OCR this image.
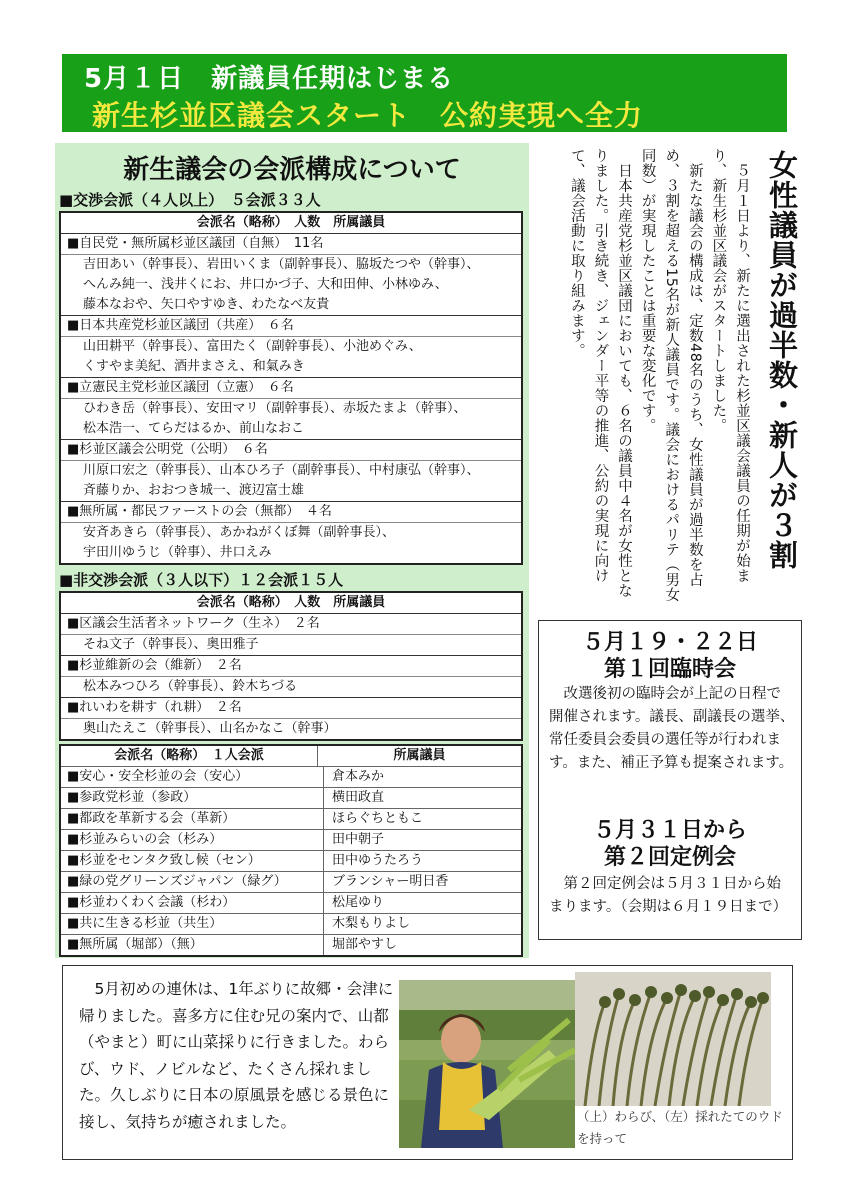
5月１日　新議員任期はじまる
新生杉並区議会スタート　公約実現へ全力
新生議会の会派構成について
■交渉会派（４人以上）　５会派３３人
会派名（略称）　人数　所属議員
■自民党・無所属杉並区議団（自無）　11名
吉田あい（幹事長）、岩田いくま（副幹事長）、脇坂たつや（幹事）、
へんみ純一、浅井くにお、井口かづ子、大和田伸、小林ゆみ、
藤本なおや、矢口やすゆき、わたなべ友貴
■日本共産党杉並区議団（共産）　６名
山田耕平（幹事長）、富田たく（副幹事長）、小池めぐみ、
くすやま美紀、酒井まさえ、和氣みき
■立憲民主党杉並区議団（立憲）　６名
ひわき岳（幹事長）、安田マリ（副幹事長）、赤坂たまよ（幹事）、
松本浩一、てらだはるか、前山なおこ
■杉並区議会公明党（公明）　６名
川原口宏之（幹事長）、山本ひろ子（副幹事長）、中村康弘（幹事）、
斉藤りか、おおつき城一、渡辺富士雄
■無所属・都民ファーストの会（無都）　４名
安斉あきら（幹事長）、あかねがくぼ舞（副幹事長）、
宇田川ゆうじ（幹事）、井口えみ
■非交渉会派（３人以下）１２会派１５人
会派名（略称）　人数　所属議員
■区議会生活者ネットワーク（生ネ）　２名
そね文子（幹事長）、奥田雅子
■杉並維新の会（維新）　２名
松本みつひろ（幹事長）、鈴木ちづる
■れいわを耕す（れ耕）　２名
奥山たえこ（幹事長）、山名かなこ（幹事）
会派名（略称）　１人会派	所属議員
■安心・安全杉並の会（安心）	倉本みか
■参政党杉並（参政）	横田政直
■都政を革新する会（革新）	ほらぐちともこ
■杉並みらいの会（杉み）	田中朝子
■杉並をセンタク致し候（セン）	田中ゆうたろう
■緑の党グリーンズジャパン（緑グ）	ブランシャー明日香
■杉並わくわく会議（杉わ）	松尾ゆり
■共に生きる杉並（共生）	木梨もりよし
■無所属（堀部）（無）	堀部やすし
女性議員が過半数・新人が３割

５月１日より、新たに選出された杉並区議会議員の任期が始まり、新生杉並区議会がスタートしました。

新たな議会の構成は、定数48名のうち、女性議員が過半数を占め、３割を超える15名が新人議員です。議会におけるパリテ（男女同数）が実現したことは重要な変化です。

日本共産党杉並区議団においても、６名の議員中４名が女性となりました。引き続き、ジェンダー平等の推進、公約の実現に向けて、議会活動に取り組みます。

５月１９・２２日
第１回臨時会

改選後初の臨時会が上記の日程で開催されます。議長、副議長の選挙、常任委員会委員の選任等が行われます。また、補正予算も提案されます。

５月３１日から
第２回定例会

第２回定例会は５月３１日から始まります。（会期は６月１９日まで）

5月初めの連休は、1年ぶりに故郷・会津に帰りました。喜多方に住む兄の案内で、山都（やまと）町に山菜採りに行きました。わらび、ウド、ノビルなど、たくさん採れました。久しぶりに日本の原風景を感じる景色に接し、気持ちが癒されました。	（上）わらび、（左）採れたてのウドを持って
